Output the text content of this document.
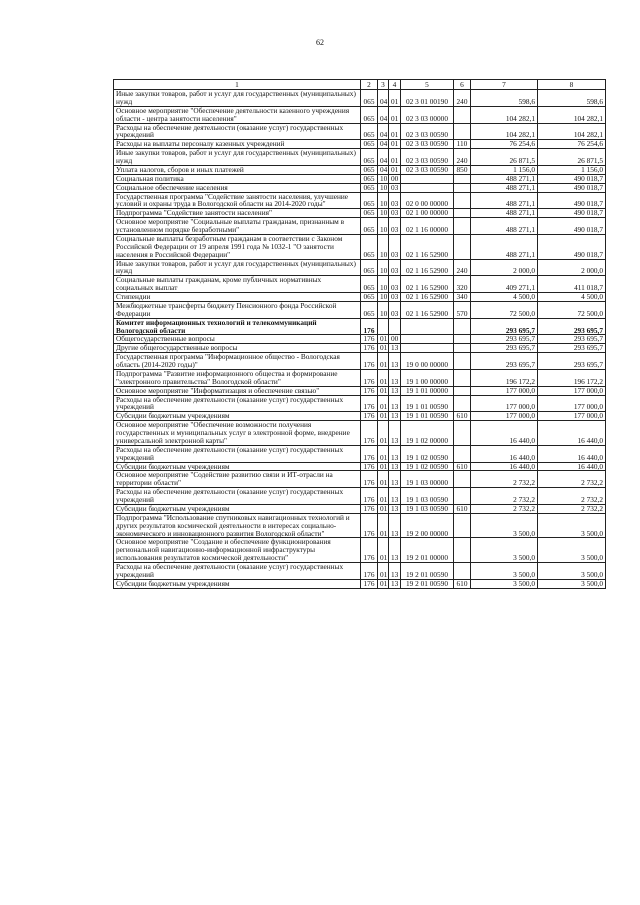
62
1	2	3	4	5	6	7	8
Иные закупки товаров, работ и услуг для государственных (муниципальных) нужд	065	04	01	02 3 01 00190	240	598,6	598,6
Основное мероприятие "Обеспечение деятельности казенного учреждения области - центра занятости населения"	065	04	01	02 3 03 00000		104 282,1	104 282,1
Расходы на обеспечение деятельности (оказание услуг) государственных учреждений	065	04	01	02 3 03 00590		104 282,1	104 282,1
Расходы на выплаты персоналу казенных учреждений	065	04	01	02 3 03 00590	110	76 254,6	76 254,6
Иные закупки товаров, работ и услуг для государственных (муниципальных) нужд	065	04	01	02 3 03 00590	240	26 871,5	26 871,5
Уплата налогов, сборов и иных платежей	065	04	01	02 3 03 00590	850	1 156,0	1 156,0
Социальная политика	065	10	00			488 271,1	490 018,7
Социальное обеспечение населения	065	10	03			488 271,1	490 018,7
Государственная программа "Содействие занятости населения, улучшение условий и охраны труда в Вологодской области на 2014-2020 годы"	065	10	03	02 0 00 00000		488 271,1	490 018,7
Подпрограмма "Содействие занятости населения"	065	10	03	02 1 00 00000		488 271,1	490 018,7
Основное мероприятие "Социальные выплаты гражданам, признанным в установленном порядке безработными"	065	10	03	02 1 16 00000		488 271,1	490 018,7
Социальные выплаты безработным гражданам в соответствии с Законом Российской Федерации от 19 апреля 1991 года № 1032-1 "О занятости населения в Российской Федерации"	065	10	03	02 1 16 52900		488 271,1	490 018,7
Иные закупки товаров, работ и услуг для государственных (муниципальных) нужд	065	10	03	02 1 16 52900	240	2 000,0	2 000,0
Социальные выплаты гражданам, кроме публичных нормативных социальных выплат	065	10	03	02 1 16 52900	320	409 271,1	411 018,7
Стипендии	065	10	03	02 1 16 52900	340	4 500,0	4 500,0
Межбюджетные трансферты бюджету Пенсионного фонда Российской Федерации	065	10	03	02 1 16 52900	570	72 500,0	72 500,0
Комитет информационных технологий и телекоммуникаций Вологодской области	176					293 695,7	293 695,7
Общегосударственные вопросы	176	01	00			293 695,7	293 695,7
Другие общегосударственные вопросы	176	01	13			293 695,7	293 695,7
Государственная программа "Информационное общество - Вологодская область (2014-2020 годы)"	176	01	13	19 0 00 00000		293 695,7	293 695,7
Подпрограмма "Развитие информационного общества и формирование "электронного правительства" Вологодской области"	176	01	13	19 1 00 00000		196 172,2	196 172,2
Основное мероприятие "Информатизация и обеспечение связью"	176	01	13	19 1 01 00000		177 000,0	177 000,0
Расходы на обеспечение деятельности (оказание услуг) государственных учреждений	176	01	13	19 1 01 00590		177 000,0	177 000,0
Субсидии бюджетным учреждениям	176	01	13	19 1 01 00590	610	177 000,0	177 000,0
Основное мероприятие "Обеспечение возможности получения государственных и муниципальных услуг в электронной форме, внедрение универсальной электронной карты"	176	01	13	19 1 02 00000		16 440,0	16 440,0
Расходы на обеспечение деятельности (оказание услуг) государственных учреждений	176	01	13	19 1 02 00590		16 440,0	16 440,0
Субсидии бюджетным учреждениям	176	01	13	19 1 02 00590	610	16 440,0	16 440,0
Основное мероприятие "Содействие развитию связи и ИТ-отрасли на территории области"	176	01	13	19 1 03 00000		2 732,2	2 732,2
Расходы на обеспечение деятельности (оказание услуг) государственных учреждений	176	01	13	19 1 03 00590		2 732,2	2 732,2
Субсидии бюджетным учреждениям	176	01	13	19 1 03 00590	610	2 732,2	2 732,2
Подпрограмма "Использование спутниковых навигационных технологий и других результатов космической деятельности в интересах социально-экономического и инновационного развития Вологодской области"	176	01	13	19 2 00 00000		3 500,0	3 500,0
Основное мероприятие "Создание и обеспечение функционирования региональной навигационно-информационной инфраструктуры использования результатов космической деятельности"	176	01	13	19 2 01 00000		3 500,0	3 500,0
Расходы на обеспечение деятельности (оказание услуг) государственных учреждений	176	01	13	19 2 01 00590		3 500,0	3 500,0
Субсидии бюджетным учреждениям	176	01	13	19 2 01 00590	610	3 500,0	3 500,0
